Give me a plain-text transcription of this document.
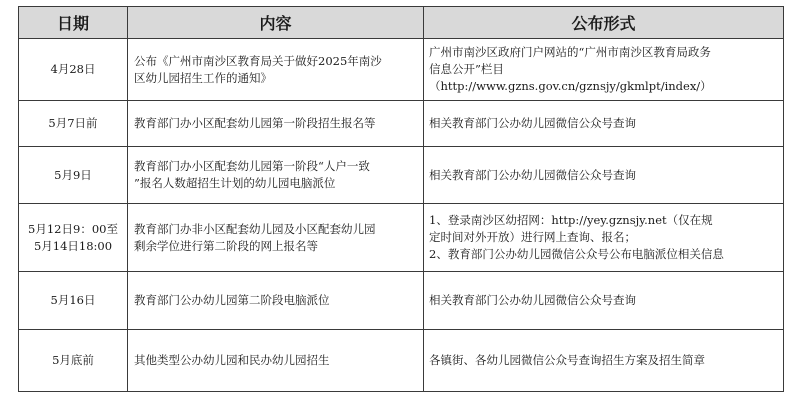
日期	内容	公布形式

4月28日	公布《广州市南沙区教育局关于做好2025年南沙
区幼儿园招生工作的通知》	广州市南沙区政府门户网站的“广州市南沙区教育局政务
信息公开”栏目
（http://www.gzns.gov.cn/gznsjy/gkmlpt/index/）

5月7日前	教育部门办小区配套幼儿园第一阶段招生报名等	相关教育部门公办幼儿园微信公众号查询

5月9日	教育部门办小区配套幼儿园第一阶段“人户一致
”报名人数超招生计划的幼儿园电脑派位	相关教育部门公办幼儿园微信公众号查询

5月12日9：00至
5月14日18:00	教育部门办非小区配套幼儿园及小区配套幼儿园
剩余学位进行第二阶段的网上报名等	1、登录南沙区幼招网：http://yey.gznsjy.net（仅在规
定时间对外开放）进行网上查询、报名；
2、教育部门公办幼儿园微信公众号公布电脑派位相关信息

5月16日	教育部门公办幼儿园第二阶段电脑派位	相关教育部门公办幼儿园微信公众号查询

5月底前	其他类型公办幼儿园和民办幼儿园招生	各镇街、各幼儿园微信公众号查询招生方案及招生简章
